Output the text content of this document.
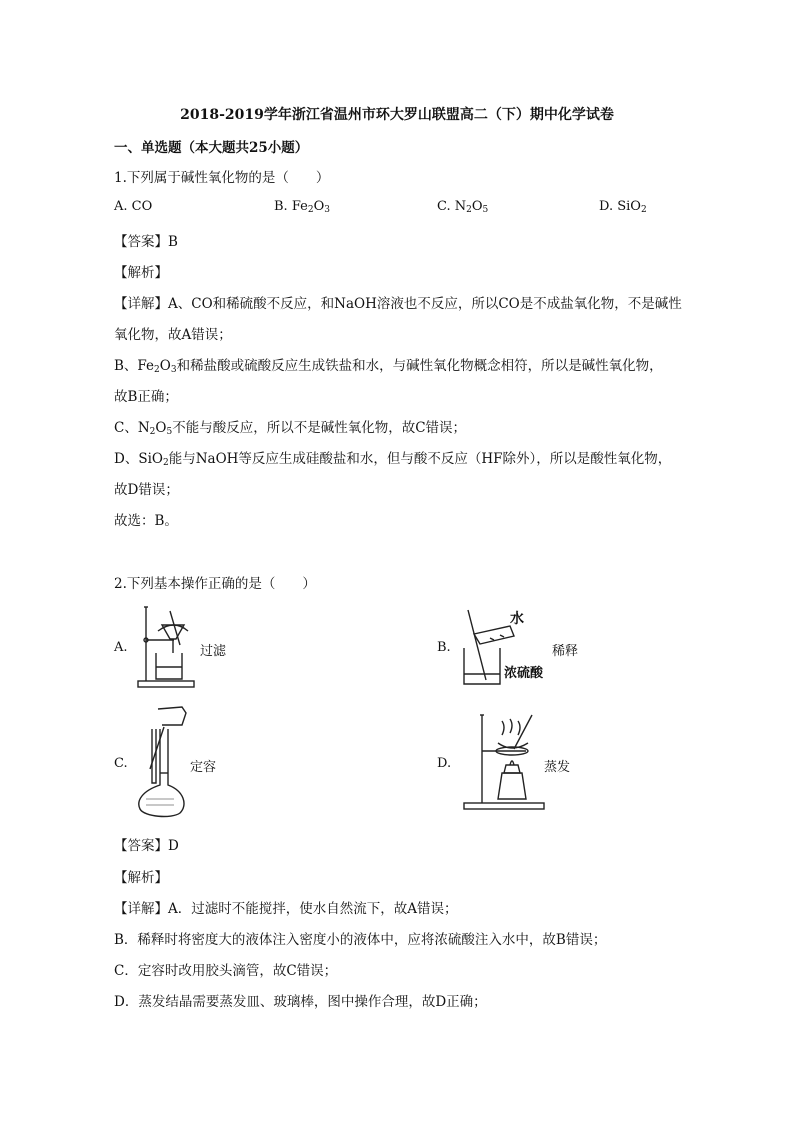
2018-2019学年浙江省温州市环大罗山联盟高二（下）期中化学试卷
一、单选题（本大题共25小题）
1.下列属于碱性氧化物的是（　　）
A. CO	B. $Fe_2O_3$	C. $N_2O_5$	D. SiO$_2$
【答案】B
【解析】
【详解】A、CO和稀硫酸不反应，和NaOH溶液也不反应，所以CO是不成盐氧化物，不是碱性
氧化物，故A错误；
B、$Fe_2O_3$和稀盐酸或硫酸反应生成铁盐和水，与碱性氧化物概念相符，所以是碱性氧化物，
故B正确；
C、$N_2O_5$不能与酸反应，所以不是碱性氧化物，故C错误；
D、SiO$_2$能与NaOH等反应生成硅酸盐和水，但与酸不反应（HF除外），所以是酸性氧化物，
故D错误；
故选：B。
2.下列基本操作正确的是（　　）
A.	过滤	B.
水
浓硫酸
稀释
C.	定容	D.	蒸发
【答案】D
【解析】
【详解】A．过滤时不能搅拌，使水自然流下，故A错误；
B．稀释时将密度大的液体注入密度小的液体中，应将浓硫酸注入水中，故B错误；
C．定容时改用胶头滴管，故C错误；
D．蒸发结晶需要蒸发皿、玻璃棒，图中操作合理，故D正确；
